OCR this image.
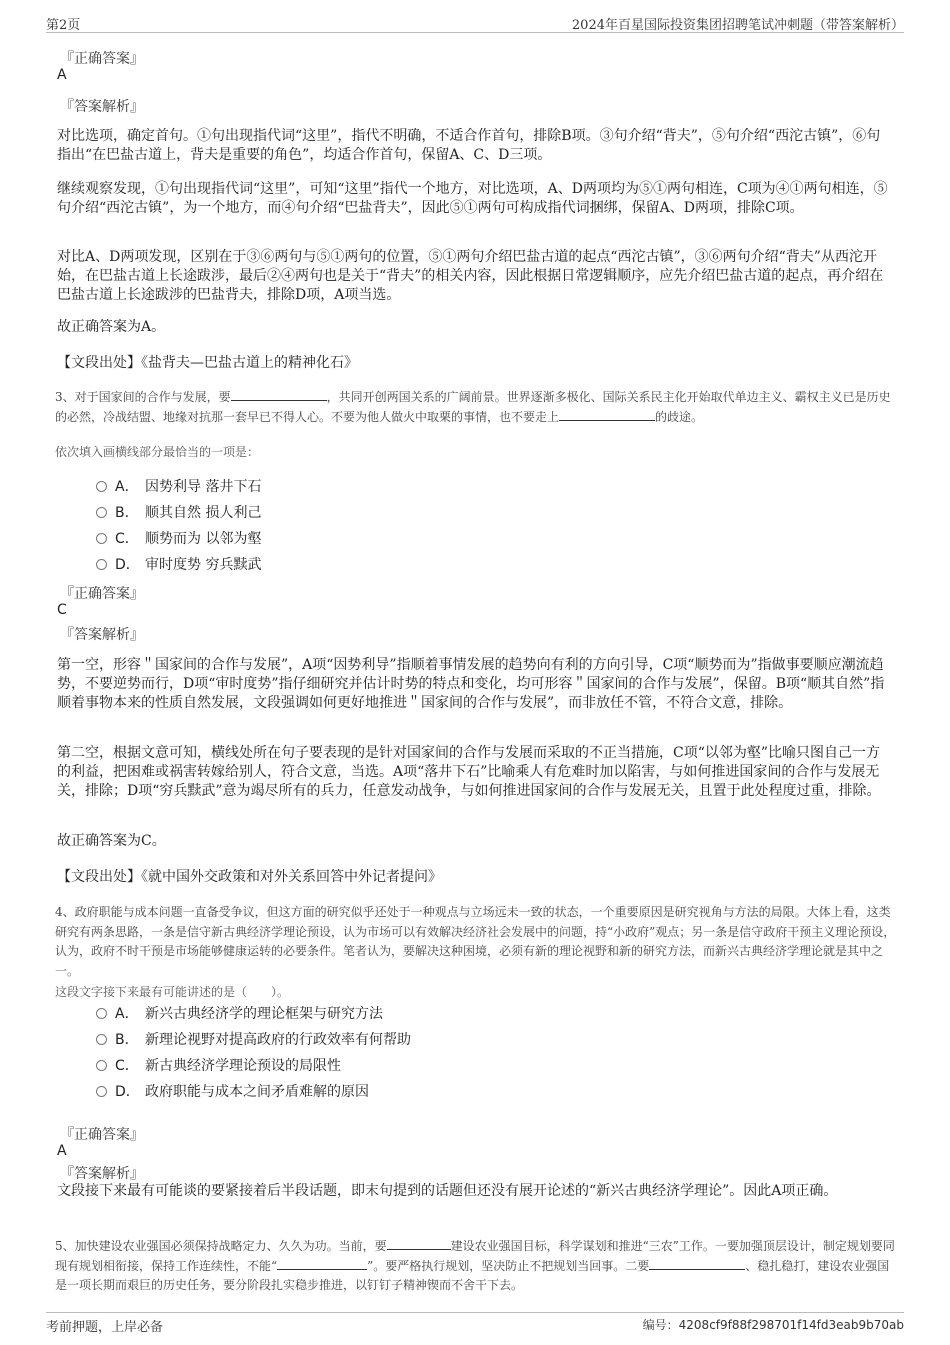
第2页	2024年百星国际投资集团招聘笔试冲刺题（带答案解析）
『正确答案』
A
『答案解析』

对比选项，确定首句。①句出现指代词“这里”，指代不明确，不适合作首句，排除B项。③句介绍“背夫”，⑤句介绍“西沱古镇”，⑥句指出“在巴盐古道上，背夫是重要的角色”，均适合作首句，保留A、C、D三项。

继续观察发现，①句出现指代词“这里”，可知“这里”指代一个地方，对比选项，A、D两项均为⑤①两句相连，C项为④①两句相连，⑤句介绍“西沱古镇”，为一个地方，而④句介绍“巴盐背夫”，因此⑤①两句可构成指代词捆绑，保留A、D两项，排除C项。

对比A、D两项发现，区别在于③⑥两句与⑤①两句的位置，⑤①两句介绍巴盐古道的起点“西沱古镇”，③⑥两句介绍“背夫”从西沱开始，在巴盐古道上长途跋涉，最后②④两句也是关于“背夫”的相关内容，因此根据日常逻辑顺序，应先介绍巴盐古道的起点，再介绍在巴盐古道上长途跋涉的巴盐背夫，排除D项，A项当选。

故正确答案为A。

【文段出处】《盐背夫—巴盐古道上的精神化石》

3、对于国家间的合作与发展，要	，共同开创两国关系的广阔前景。世界逐渐多极化、国际关系民主化开始取代单边主义、霸权主义已是历史的必然，冷战结盟、地缘对抗那一套早已不得人心。不要为他人做火中取栗的事情，也不要走上	的歧途。

依次填入画横线部分最恰当的一项是：
A． 因势利导 落井下石
B． 顺其自然 损人利己
C． 顺势而为 以邻为壑
D． 审时度势 穷兵黩武
『正确答案』
C
『答案解析』

第一空，形容＂国家间的合作与发展”，A项“因势利导”指顺着事情发展的趋势向有利的方向引导，C项“顺势而为”指做事要顺应潮流趋势，不要逆势而行，D项“审时度势”指仔细研究并估计时势的特点和变化，均可形容＂国家间的合作与发展”，保留。B项“顺其自然”指顺着事物本来的性质自然发展，文段强调如何更好地推进＂国家间的合作与发展”，而非放任不管，不符合文意，排除。

第二空，根据文意可知，横线处所在句子要表现的是针对国家间的合作与发展而采取的不正当措施，C项“以邻为壑”比喻只图自己一方的利益，把困难或祸害转嫁给别人，符合文意，当选。A项“落井下石”比喻乘人有危难时加以陷害，与如何推进国家间的合作与发展无关，排除；D项“穷兵黩武”意为竭尽所有的兵力，任意发动战争，与如何推进国家间的合作与发展无关，且置于此处程度过重，排除。

故正确答案为C。

【文段出处】《就中国外交政策和对外关系回答中外记者提问》

4、政府职能与成本问题一直备受争议，但这方面的研究似乎还处于一种观点与立场远未一致的状态，一个重要原因是研究视角与方法的局限。大体上看，这类研究有两条思路，一条是信守新古典经济学理论预设，认为市场可以有效解决经济社会发展中的问题，持“小政府”观点；另一条是信守政府干预主义理论预设，认为，政府不时干预是市场能够健康运转的必要条件。笔者认为，要解决这种困境，必须有新的理论视野和新的研究方法，而新兴古典经济学理论就是其中之一。

这段文字接下来最有可能讲述的是（　　）。
A． 新兴古典经济学的理论框架与研究方法
B． 新理论视野对提高政府的行政效率有何帮助
C． 新古典经济学理论预设的局限性
D． 政府职能与成本之间矛盾难解的原因
『正确答案』
A
『答案解析』

文段接下来最有可能谈的要紧接着后半段话题，即末句提到的话题但还没有展开论述的“新兴古典经济学理论”。因此A项正确。

5、加快建设农业强国必须保持战略定力、久久为功。当前，要	建设农业强国目标，科学谋划和推进“三农”工作。一要加强顶层设计，制定规划要同现有规划相衔接，保持工作连续性，不能“	”。要严格执行规划，坚决防止不把规划当回事。二要	、稳扎稳打，建设农业强国是一项长期而艰巨的历史任务，要分阶段扎实稳步推进，以钉钉子精神锲而不舍干下去。

考前押题，上岸必备	编号：4208cf9f88f298701f14fd3eab9b70ab
